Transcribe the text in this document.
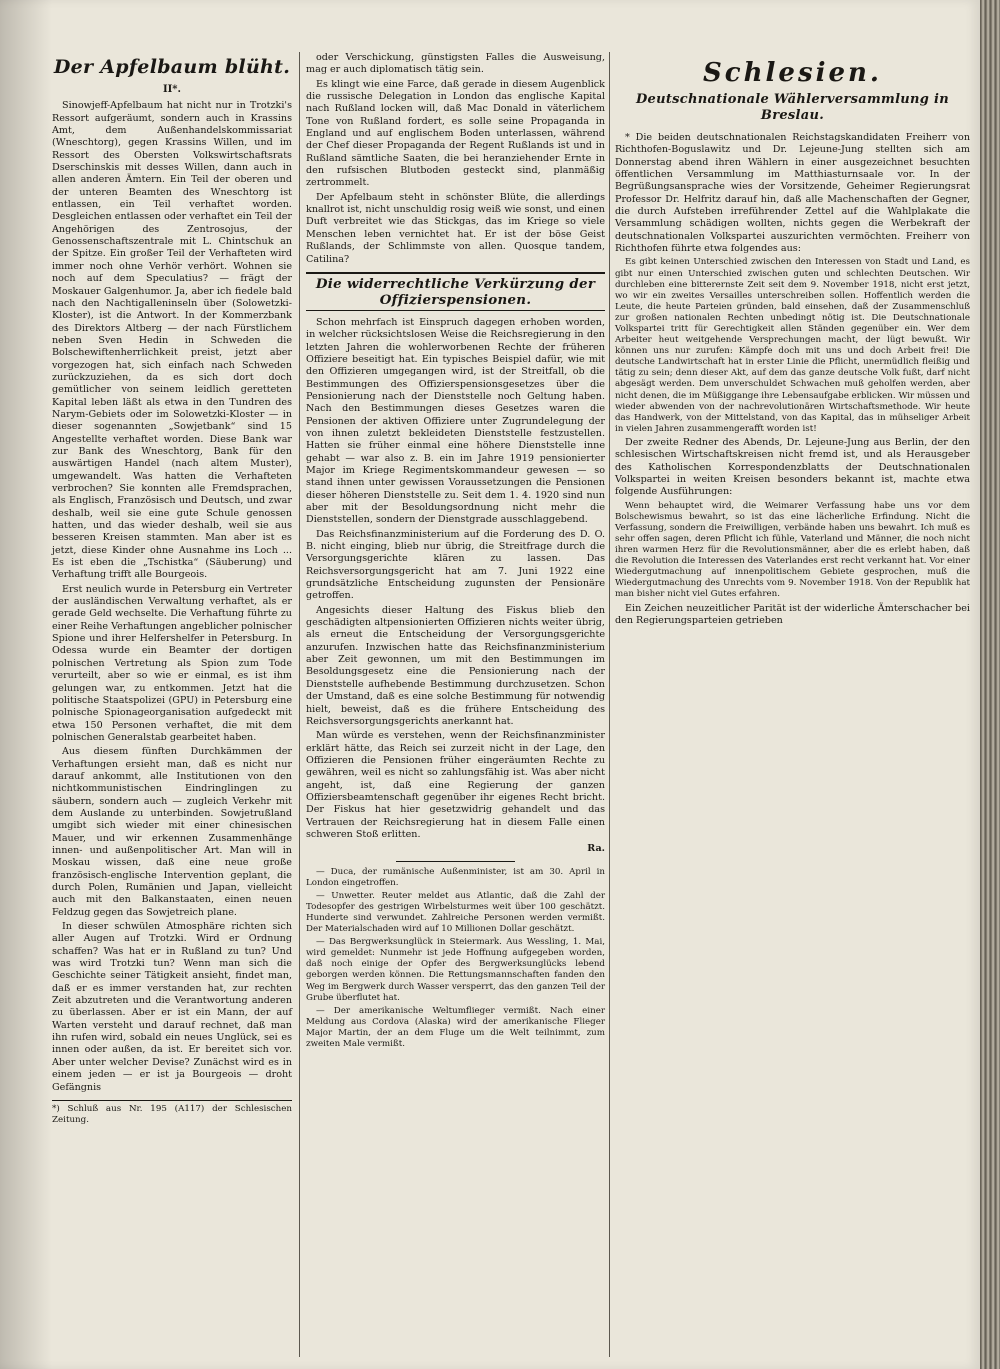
Der Apfelbaum blüht.
II*.

Sinowjeff-Apfelbaum hat nicht nur in Trotzki's Ressort aufgeräumt, sondern auch in Krassins Amt, dem Außenhandelskommissariat (Wneschtorg), gegen Krassins Willen, und im Ressort des Obersten Volkswirtschaftsrats Dserschinskis mit desses Willen, dann auch in allen anderen Ämtern. Ein Teil der oberen und der unteren Beamten des Wneschtorg ist entlassen, ein Teil verhaftet worden. Desgleichen entlassen oder verhaftet ein Teil der Angehörigen des Zentrosojus, der Genossenschaftszentrale mit L. Chintschuk an der Spitze. Ein großer Teil der Verhafteten wird immer noch ohne Verhör verhört. Wohnen sie noch auf dem Speculatius? — frägt der Moskauer Galgenhumor. Ja, aber ich fiedele bald nach den Nachtigalleninseln über (Solowetzki-Kloster), ist die Antwort. In der Kommerzbank des Direktors Altberg — der nach Fürstlichem neben Sven Hedin in Schweden die Bolschewiftenherrlichkeit preist, jetzt aber vorgezogen hat, sich einfach nach Schweden zurückzuziehen, da es sich dort doch gemütlicher von seinem leidlich geretteten Kapital leben läßt als etwa in den Tundren des Narym-Gebiets oder im Solowetzki-Kloster — in dieser sogenannten „Sowjetbank“ sind 15 Angestellte verhaftet worden. Diese Bank war zur Bank des Wneschtorg, Bank für den auswärtigen Handel (nach altem Muster), umgewandelt. Was hatten die Verhafteten verbrochen? Sie konnten alle Fremdsprachen, als Englisch, Französisch und Deutsch, und zwar deshalb, weil sie eine gute Schule genossen hatten, und das wieder deshalb, weil sie aus besseren Kreisen stammten. Man aber ist es jetzt, diese Kinder ohne Ausnahme ins Loch ... Es ist eben die „Tschistka“ (Säuberung) und Verhaftung trifft alle Bourgeois.

Erst neulich wurde in Petersburg ein Vertreter der ausländischen Verwaltung verhaftet, als er gerade Geld wechselte. Die Verhaftung führte zu einer Reihe Verhaftungen angeblicher polnischer Spione und ihrer Helfershelfer in Petersburg. In Odessa wurde ein Beamter der dortigen polnischen Vertretung als Spion zum Tode verurteilt, aber so wie er einmal, es ist ihm gelungen war, zu entkommen. Jetzt hat die politische Staatspolizei (GPU) in Petersburg eine polnische Spionageorganisation aufgedeckt mit etwa 150 Personen verhaftet, die mit dem polnischen Generalstab gearbeitet haben.

Aus diesem fünften Durchkämmen der Verhaftungen ersieht man, daß es nicht nur darauf ankommt, alle Institutionen von den nichtkommunistischen Eindringlingen zu säubern, sondern auch — zugleich Verkehr mit dem Auslande zu unterbinden. Sowjetrußland umgibt sich wieder mit einer chinesischen Mauer, und wir erkennen Zusammenhänge innen- und außenpolitischer Art. Man will in Moskau wissen, daß eine neue große französisch-englische Intervention geplant, die durch Polen, Rumänien und Japan, vielleicht auch mit den Balkanstaaten, einen neuen Feldzug gegen das Sowjetreich plane.

In dieser schwülen Atmosphäre richten sich aller Augen auf Trotzki. Wird er Ordnung schaffen? Was hat er in Rußland zu tun? Und was wird Trotzki tun? Wenn man sich die Geschichte seiner Tätigkeit ansieht, findet man, daß er es immer verstanden hat, zur rechten Zeit abzutreten und die Verantwortung anderen zu überlassen. Aber er ist ein Mann, der auf Warten versteht und darauf rechnet, daß man ihn rufen wird, sobald ein neues Unglück, sei es innen oder außen, da ist. Er bereitet sich vor. Aber unter welcher Devise? Zunächst wird es in einem jeden — er ist ja Bourgeois — droht Gefängnis

*) Schluß aus Nr. 195 (A117) der Schlesischen Zeitung.

oder Verschickung, günstigsten Falles die Ausweisung, mag er auch diplomatisch tätig sein.

Es klingt wie eine Farce, daß gerade in diesem Augenblick die russische Delegation in London das englische Kapital nach Rußland locken will, daß Mac Donald in väterlichem Tone von Rußland fordert, es solle seine Propaganda in England und auf englischem Boden unterlassen, während der Chef dieser Propaganda der Regent Rußlands ist und in Rußland sämtliche Saaten, die bei heranziehender Ernte in den rufsischen Blutboden gesteckt sind, planmäßig zertrommelt.

Der Apfelbaum steht in schönster Blüte, die allerdings knallrot ist, nicht unschuldig rosig weiß wie sonst, und einen Duft verbreitet wie das Stickgas, das im Kriege so viele Menschen leben vernichtet hat. Er ist der böse Geist Rußlands, der Schlimmste von allen. Quosque tandem, Catilina?

Die widerrechtliche Verkürzung der Offizierspensionen.

Schon mehrfach ist Einspruch dagegen erhoben worden, in welcher rücksichtslosen Weise die Reichsregierung in den letzten Jahren die wohlerworbenen Rechte der früheren Offiziere beseitigt hat. Ein typisches Beispiel dafür, wie mit den Offizieren umgegangen wird, ist der Streitfall, ob die Bestimmungen des Offizierspensionsgesetzes über die Pensionierung nach der Dienststelle noch Geltung haben. Nach den Bestimmungen dieses Gesetzes waren die Pensionen der aktiven Offiziere unter Zugrundelegung der von ihnen zuletzt bekleideten Dienststelle festzustellen. Hatten sie früher einmal eine höhere Dienststelle inne gehabt — war also z. B. ein im Jahre 1919 pensionierter Major im Kriege Regimentskommandeur gewesen — so stand ihnen unter gewissen Voraussetzungen die Pensionen dieser höheren Dienststelle zu. Seit dem 1. 4. 1920 sind nun aber mit der Besoldungsordnung nicht mehr die Dienststellen, sondern der Dienstgrade ausschlaggebend.

Das Reichsfinanzministerium auf die Forderung des D. O. B. nicht einging, blieb nur übrig, die Streitfrage durch die Versorgungsgerichte klären zu lassen. Das Reichsversorgungsgericht hat am 7. Juni 1922 eine grundsätzliche Entscheidung zugunsten der Pensionäre getroffen.

Angesichts dieser Haltung des Fiskus blieb den geschädigten altpensionierten Offizieren nichts weiter übrig, als erneut die Entscheidung der Versorgungsgerichte anzurufen. Inzwischen hatte das Reichsfinanzministerium aber Zeit gewonnen, um mit den Bestimmungen im Besoldungsgesetz eine die Pensionierung nach der Dienststelle aufhebende Bestimmung durchzusetzen. Schon der Umstand, daß es eine solche Bestimmung für notwendig hielt, beweist, daß es die frühere Entscheidung des Reichsversorgungsgerichts anerkannt hat.

Man würde es verstehen, wenn der Reichsfinanzminister erklärt hätte, das Reich sei zurzeit nicht in der Lage, den Offizieren die Pensionen früher eingeräumten Rechte zu gewähren, weil es nicht so zahlungsfähig ist. Was aber nicht angeht, ist, daß eine Regierung der ganzen Offiziersbeamtenschaft gegenüber ihr eigenes Recht bricht. Der Fiskus hat hier gesetzwidrig gehandelt und das Vertrauen der Reichsregierung hat in diesem Falle einen schweren Stoß erlitten.

Ra.

— Duca, der rumänische Außenminister, ist am 30. April in London eingetroffen.

— Unwetter. Reuter meldet aus Atlantic, daß die Zahl der Todesopfer des gestrigen Wirbelsturmes weit über 100 geschätzt. Hunderte sind verwundet. Zahlreiche Personen werden vermißt. Der Materialschaden wird auf 10 Millionen Dollar geschätzt.

— Das Bergwerksunglück in Steiermark. Aus Wessling, 1. Mai, wird gemeldet: Nunmehr ist jede Hoffnung aufgegeben worden, daß noch einige der Opfer des Bergwerksunglücks lebend geborgen werden können. Die Rettungsmannschaften fanden den Weg im Bergwerk durch Wasser versperrt, das den ganzen Teil der Grube überflutet hat.

— Der amerikanische Weltumflieger vermißt. Nach einer Meldung aus Cordova (Alaska) wird der amerikanische Flieger Major Martin, der an dem Fluge um die Welt teilnimmt, zum zweiten Male vermißt.

Schlesien.
Deutschnationale Wählerversammlung in Breslau.

* Die beiden deutschnationalen Reichstagskandidaten Freiherr von Richthofen-Boguslawitz und Dr. Lejeune-Jung stellten sich am Donnerstag abend ihren Wählern in einer ausgezeichnet besuchten öffentlichen Versammlung im Matthiasturnsaale vor. In der Begrüßungsansprache wies der Vorsitzende, Geheimer Regierungsrat Professor Dr. Helfritz darauf hin, daß alle Machenschaften der Gegner, die durch Aufsteben irreführender Zettel auf die Wahlplakate die Versammlung schädigen wollten, nichts gegen die Werbekraft der deutschnationalen Volkspartei auszurichten vermöchten. Freiherr von Richthofen führte etwa folgendes aus:

Es gibt keinen Unterschied zwischen den Interessen von Stadt und Land, es gibt nur einen Unterschied zwischen guten und schlechten Deutschen. Wir durchleben eine bitterernste Zeit seit dem 9. November 1918, nicht erst jetzt, wo wir ein zweites Versailles unterschreiben sollen. Hoffentlich werden die Leute, die heute Parteien gründen, bald einsehen, daß der Zusammenschluß zur großen nationalen Rechten unbedingt nötig ist. Die Deutschnationale Volkspartei tritt für Gerechtigkeit allen Ständen gegenüber ein. Wer dem Arbeiter heut weitgehende Versprechungen macht, der lügt bewußt. Wir können uns nur zurufen: Kämpfe doch mit uns und doch Arbeit frei! Die deutsche Landwirtschaft hat in erster Linie die Pflicht, unermüdlich fleißig und tätig zu sein; denn dieser Akt, auf dem das ganze deutsche Volk fußt, darf nicht abgesägt werden. Dem unverschuldet Schwachen muß geholfen werden, aber nicht denen, die im Müßiggange ihre Lebensaufgabe erblicken. Wir müssen und wieder abwenden von der nachrevolutionären Wirtschaftsmethode. Wir heute das Handwerk, von der Mittelstand, von das Kapital, das in mühseliger Arbeit in vielen Jahren zusammengerafft worden ist!

Der zweite Redner des Abends, Dr. Lejeune-Jung aus Berlin, der den schlesischen Wirtschaftskreisen nicht fremd ist, und als Herausgeber des Katholischen Korrespondenzblatts der Deutschnationalen Volkspartei in weiten Kreisen besonders bekannt ist, machte etwa folgende Ausführungen:

Wenn behauptet wird, die Weimarer Verfassung habe uns vor dem Bolschewismus bewahrt, so ist das eine lächerliche Erfindung. Nicht die Verfassung, sondern die Freiwilligen, verbände haben uns bewahrt. Ich muß es sehr offen sagen, deren Pflicht ich fühle, Vaterland und Männer, die noch nicht ihren warmen Herz für die Revolutionsmänner, aber die es erlebt haben, daß die Revolution die Interessen des Vaterlandes erst recht verkannt hat. Vor einer Wiedergutmachung auf innenpolitischem Gebiete gesprochen, muß die Wiedergutmachung des Unrechts vom 9. November 1918. Von der Republik hat man bisher nicht viel Gutes erfahren.

Ein Zeichen neuzeitlicher Parität ist der widerliche Ämterschacher bei den Regierungsparteien getrieben
